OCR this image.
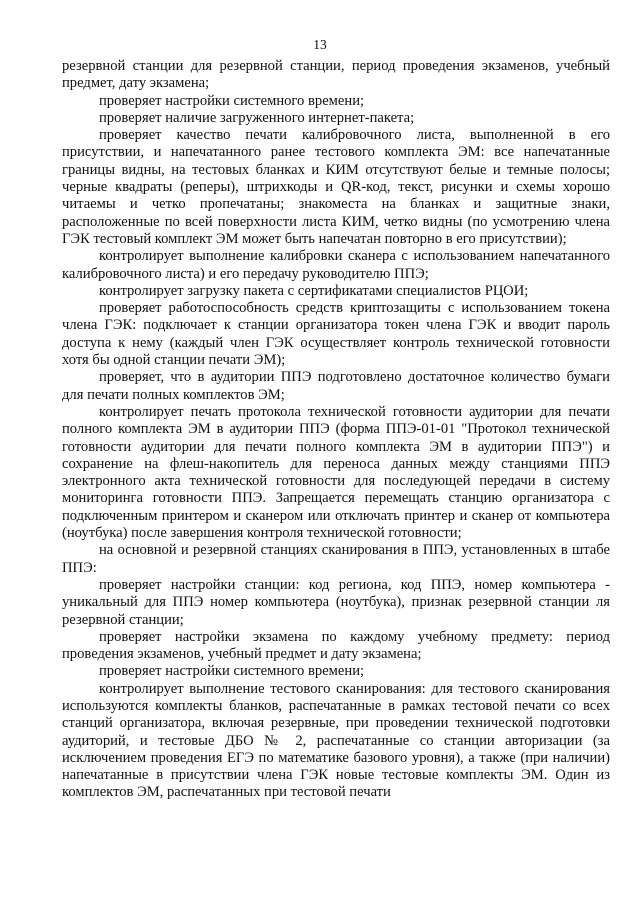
13

резервной станции для резервной станции, период проведения экзаменов, учебный предмет, дату экзамена;

проверяет настройки системного времени;

проверяет наличие загруженного интернет-пакета;

проверяет качество печати калибровочного листа, выполненной в его присутствии, и напечатанного ранее тестового комплекта ЭМ: все напечатанные границы видны, на тестовых бланках и КИМ отсутствуют белые и темные полосы; черные квадраты (реперы), штрихкоды и QR-код, текст, рисунки и схемы хорошо читаемы и четко пропечатаны; знакоместа на бланках и защитные знаки, расположенные по всей поверхности листа КИМ, четко видны (по усмотрению члена ГЭК тестовый комплект ЭМ может быть напечатан повторно в его присутствии);

контролирует выполнение калибровки сканера с использованием напечатанного калибровочного листа) и его передачу руководителю ППЭ;

контролирует загрузку пакета с сертификатами специалистов РЦОИ;

проверяет работоспособность средств криптозащиты с использованием токена члена ГЭК: подключает к станции организатора токен члена ГЭК и вводит пароль доступа к нему (каждый член ГЭК осуществляет контроль технической готовности хотя бы одной станции печати ЭМ);

проверяет, что в аудитории ППЭ подготовлено достаточное количество бумаги для печати полных комплектов ЭМ;

контролирует печать протокола технической готовности аудитории для печати полного комплекта ЭМ в аудитории ППЭ (форма ППЭ-01-01 "Протокол технической готовности аудитории для печати полного комплекта ЭМ в аудитории ППЭ") и сохранение на флеш-накопитель для переноса данных между станциями ППЭ электронного акта технической готовности для последующей передачи в систему мониторинга готовности ППЭ. Запрещается перемещать станцию организатора с подключенным принтером и сканером или отключать принтер и сканер от компьютера (ноутбука) после завершения контроля технической готовности;

на основной и резервной станциях сканирования в ППЭ, установленных в штабе ППЭ:

проверяет настройки станции: код региона, код ППЭ, номер компьютера - уникальный для ППЭ номер компьютера (ноутбука), признак резервной станции ля резервной станции;

проверяет настройки экзамена по каждому учебному предмету: период проведения экзаменов, учебный предмет и дату экзамена;

проверяет настройки системного времени;

контролирует выполнение тестового сканирования: для тестового сканирования используются комплекты бланков, распечатанные в рамках тестовой печати со всех станций организатора, включая резервные, при проведении технической подготовки аудиторий, и тестовые ДБО № 2, распечатанные со станции авторизации (за исключением проведения ЕГЭ по математике базового уровня), а также (при наличии) напечатанные в присутствии члена ГЭК новые тестовые комплекты ЭМ. Один из комплектов ЭМ, распечатанных при тестовой печати
